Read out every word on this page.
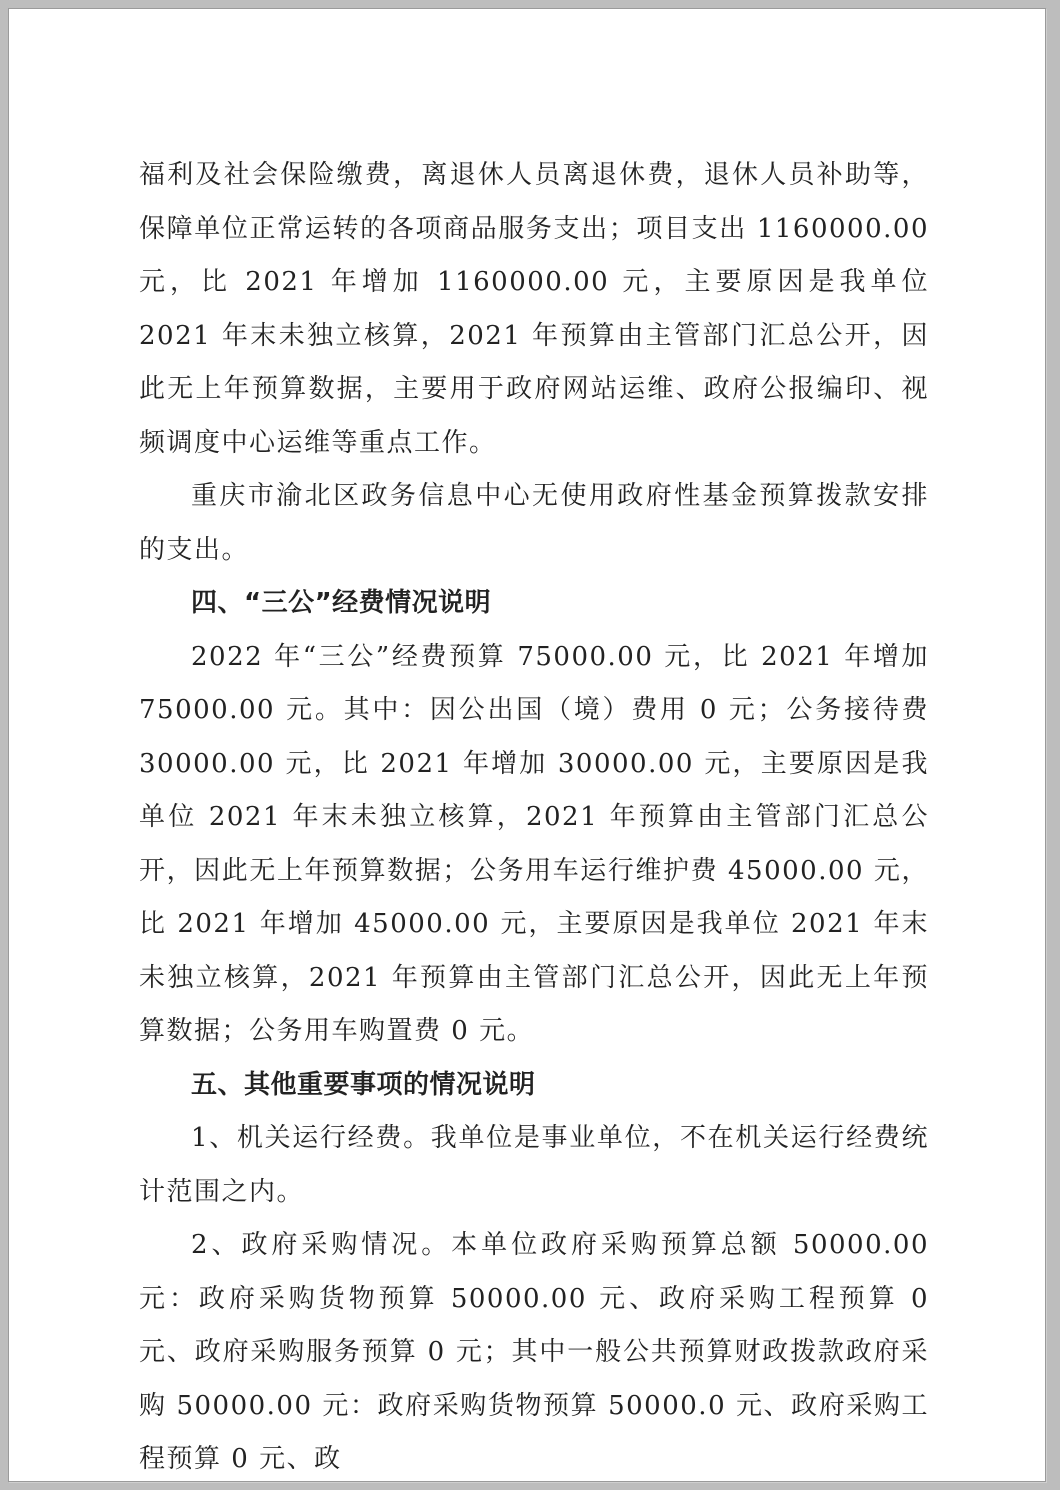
福利及社会保险缴费，离退休人员离退休费，退休人员补助等，保障单位正常运转的各项商品服务支出；项目支出 1160000.00 元，比 2021 年增加 1160000.00 元，主要原因是我单位 2021 年末未独立核算，2021 年预算由主管部门汇总公开，因此无上年预算数据，主要用于政府网站运维、政府公报编印、视频调度中心运维等重点工作。

重庆市渝北区政务信息中心无使用政府性基金预算拨款安排的支出。

四、“三公”经费情况说明

2022 年“三公”经费预算 75000.00 元，比 2021 年增加 75000.00 元。其中：因公出国（境）费用 0 元；公务接待费 30000.00 元，比 2021 年增加 30000.00 元，主要原因是我单位 2021 年末未独立核算，2021 年预算由主管部门汇总公开，因此无上年预算数据；公务用车运行维护费 45000.00 元，比 2021 年增加 45000.00 元，主要原因是我单位 2021 年末未独立核算，2021 年预算由主管部门汇总公开，因此无上年预算数据；公务用车购置费 0 元。

五、其他重要事项的情况说明

1、机关运行经费。我单位是事业单位，不在机关运行经费统计范围之内。

2、政府采购情况。本单位政府采购预算总额 50000.00 元：政府采购货物预算 50000.00 元、政府采购工程预算 0 元、政府采购服务预算 0 元；其中一般公共预算财政拨款政府采购 50000.00 元：政府采购货物预算 50000.0 元、政府采购工程预算 0 元、政
